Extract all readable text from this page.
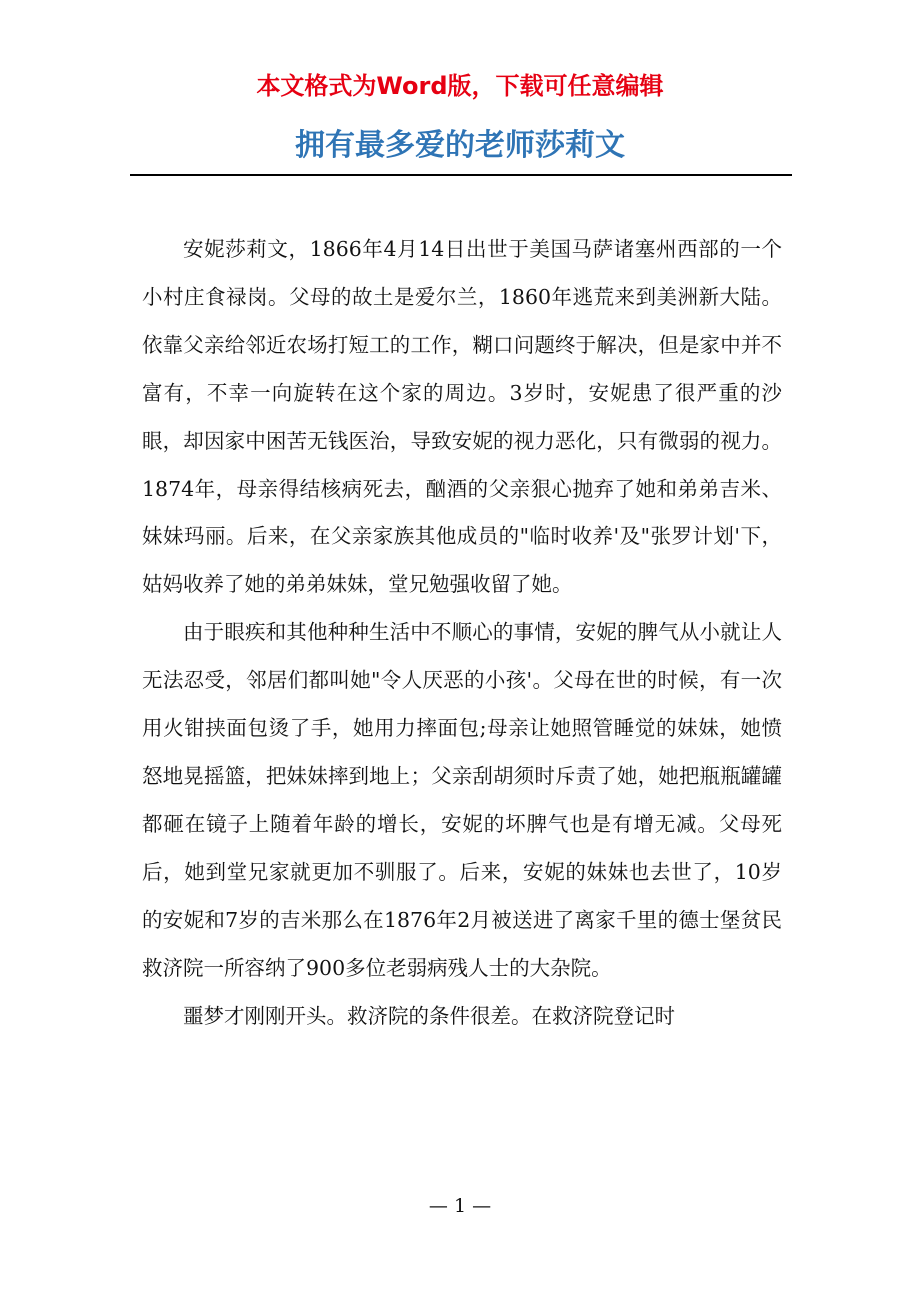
本文格式为Word版，下载可任意编辑
拥有最多爱的老师莎莉文

安妮莎莉文，1866年4月14日出世于美国马萨诸塞州西部的一个小村庄食禄岗。父母的故土是爱尔兰，1860年逃荒来到美洲新大陆。依靠父亲给邻近农场打短工的工作，糊口问题终于解决，但是家中并不富有，不幸一向旋转在这个家的周边。3岁时，安妮患了很严重的沙眼，却因家中困苦无钱医治，导致安妮的视力恶化，只有微弱的视力。1874年，母亲得结核病死去，酗酒的父亲狠心抛弃了她和弟弟吉米、妹妹玛丽。后来，在父亲家族其他成员的"临时收养'及"张罗计划'下，姑妈收养了她的弟弟妹妹，堂兄勉强收留了她。

由于眼疾和其他种种生活中不顺心的事情，安妮的脾气从小就让人无法忍受，邻居们都叫她"令人厌恶的小孩'。父母在世的时候，有一次用火钳挟面包烫了手，她用力摔面包;母亲让她照管睡觉的妹妹，她愤怒地晃摇篮，把妹妹摔到地上；父亲刮胡须时斥责了她，她把瓶瓶罐罐都砸在镜子上随着年龄的增长，安妮的坏脾气也是有增无减。父母死后，她到堂兄家就更加不驯服了。后来，安妮的妹妹也去世了，10岁的安妮和7岁的吉米那么在1876年2月被送进了离家千里的德士堡贫民救济院一所容纳了900多位老弱病残人士的大杂院。

噩梦才刚刚开头。救济院的条件很差。在救济院登记时

— 1 —
